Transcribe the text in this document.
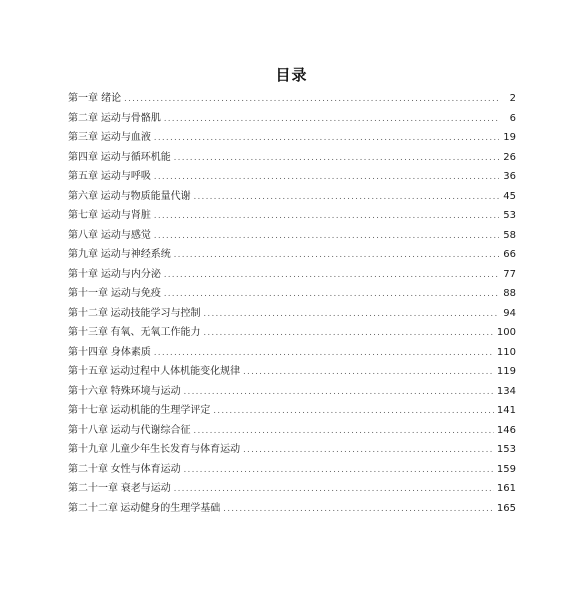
目录
第一章 绪论 .....	2
第二章 运动与骨骼肌 .....	6
第三章 运动与血液 .....	19
第四章 运动与循环机能 .....	26
第五章 运动与呼吸 .....	36
第六章 运动与物质能量代谢 .....	45
第七章 运动与肾脏 .....	53
第八章 运动与感觉 .....	58
第九章 运动与神经系统 .....	66
第十章 运动与内分泌 .....	77
第十一章 运动与免疫 .....	88
第十二章 运动技能学习与控制 .....	94
第十三章 有氧、无氧工作能力 .....	100
第十四章 身体素质 .....	110
第十五章 运动过程中人体机能变化规律 .....	119
第十六章 特殊环境与运动 .....	134
第十七章 运动机能的生理学评定 .....	141
第十八章 运动与代谢综合征 .....	146
第十九章 儿童少年生长发育与体育运动 .....	153
第二十章 女性与体育运动 .....	159
第二十一章 衰老与运动 .....	161
第二十二章 运动健身的生理学基础 .....	165
